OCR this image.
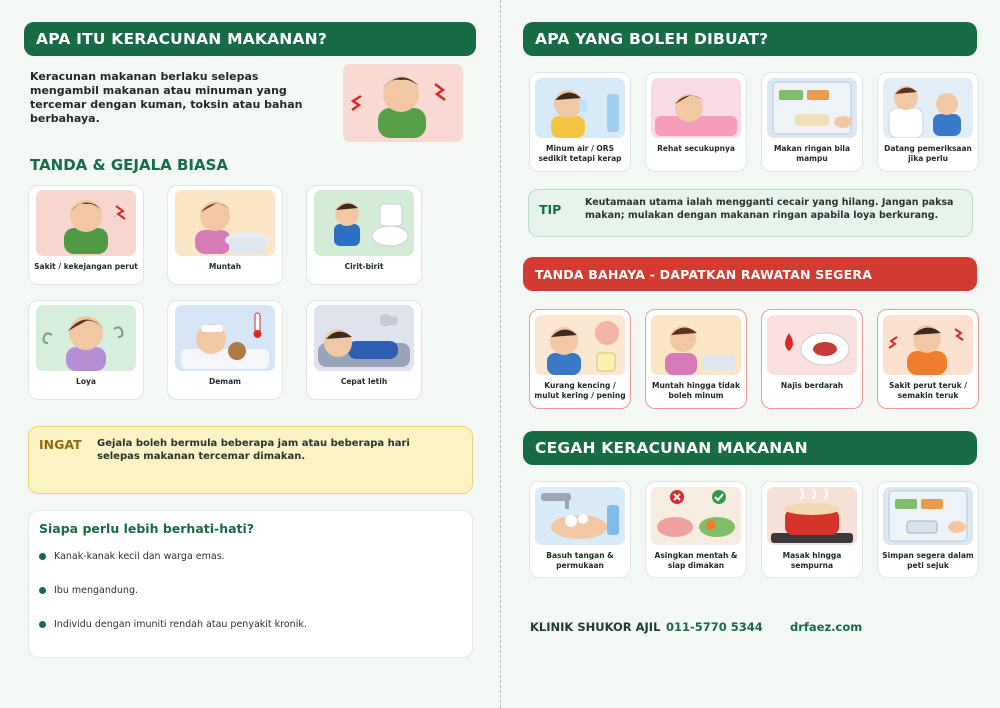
APA ITU KERACUNAN MAKANAN?
Keracunan makanan berlaku selepas mengambil makanan atau minuman yang tercemar dengan kuman, toksin atau bahan berbahaya.
TANDA & GEJALA BIASA
Sakit / kekejangan perut	Muntah	Cirit-birit
Loya	Demam	Cepat letih
INGAT Gejala boleh bermula beberapa jam atau beberapa hari selepas makanan tercemar dimakan.
Siapa perlu lebih berhati-hati?
Kanak-kanak kecil dan warga emas.
Ibu mengandung.
Individu dengan imuniti rendah atau penyakit kronik.
APA YANG BOLEH DIBUAT?
Minum air / ORS sedikit tetapi kerap
Rehat secukupnya	Makan ringan bila mampu
Datang pemeriksaan jika perlu
TIP Keutamaan utama ialah mengganti cecair yang hilang. Jangan paksa makan; mulakan dengan makanan ringan apabila loya berkurang.
TANDA BAHAYA - DAPATKAN RAWATAN SEGERA
Kurang kencing / mulut kering / pening
Muntah hingga tidak boleh minum
Najis berdarah	Sakit perut teruk / semakin teruk
CEGAH KERACUNAN MAKANAN
Basuh tangan & permukaan
Asingkan mentah & siap dimakan
Masak hingga sempurna
Simpan segera dalam peti sejuk
KLINIK SHUKOR AJIL 011-5770 5344 drfaez.com
